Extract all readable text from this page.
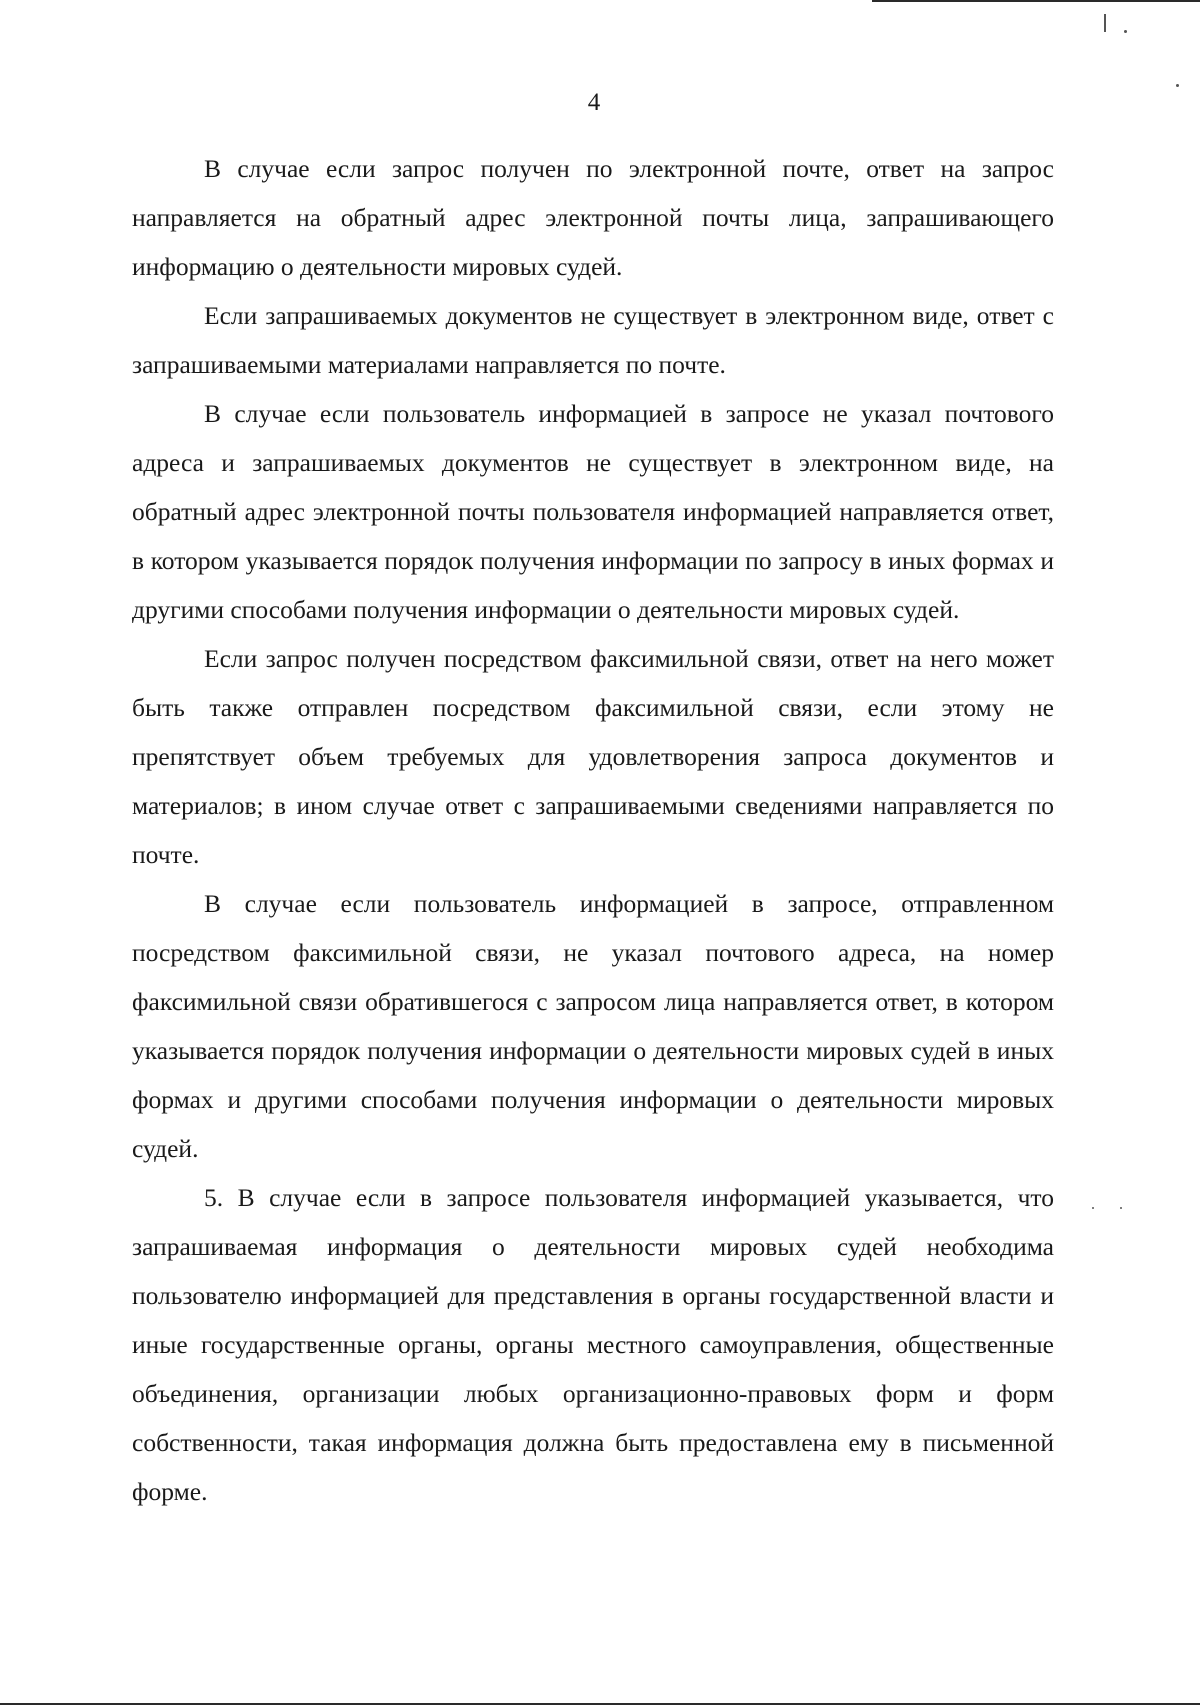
4

В случае если запрос получен по электронной почте, ответ на запрос направляется на обратный адрес электронной почты лица, запрашивающего информацию о деятельности мировых судей.

Если запрашиваемых документов не существует в электронном виде, ответ с запрашиваемыми материалами направляется по почте.

В случае если пользователь информацией в запросе не указал почтового адреса и запрашиваемых документов не существует в электронном виде, на обратный адрес электронной почты пользователя информацией направляется ответ, в котором указывается порядок получения информации по запросу в иных формах и другими способами получения информации о деятельности мировых судей.

Если запрос получен посредством факсимильной связи, ответ на него может быть также отправлен посредством факсимильной связи, если этому не препятствует объем требуемых для удовлетворения запроса документов и материалов; в ином случае ответ с запрашиваемыми сведениями направляется по почте.

В случае если пользователь информацией в запросе, отправленном посредством факсимильной связи, не указал почтового адреса, на номер факсимильной связи обратившегося с запросом лица направляется ответ, в котором указывается порядок получения информации о деятельности мировых судей в иных формах и другими способами получения информации о деятельности мировых судей.

5. В случае если в запросе пользователя информацией указывается, что запрашиваемая информация о деятельности мировых судей необходима пользователю информацией для представления в органы государственной власти и иные государственные органы, органы местного самоуправления, общественные объединения, организации любых организационно-правовых форм и форм собственности, такая информация должна быть предоставлена ему в письменной форме.
